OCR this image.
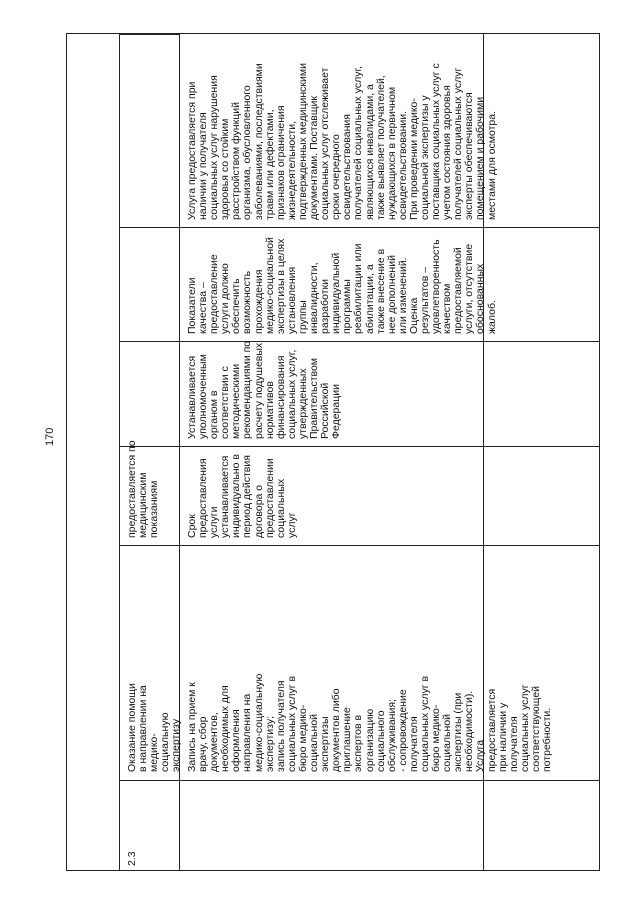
170
2.3
Оказание помощи
в направлении на
медико-
социальную
экспертизу
предоставляется по
медицинским
показаниям
Запись на прием к
врачу, сбор
документов,
необходимых для
оформления
направления на
медико-социальную
экспертизу;
запись получателя
социальных услуг в
бюро медико-
социальной
экспертизы
документов либо
приглашение
экспертов в
организацию
социального
обслуживания;
- сопровождение
получателя
социальных услуг в
бюро медико-
социальной
экспертизы (при
необходимости).
Услуга
предоставляется
при наличии у
получателя
социальных услуг
соответствующей
потребности.
Срок
предоставления
услуги
устанавливается
индивидуально в
период действия
договора о
предоставлении
социальных
услуг
Устанавливается
уполномоченным
органом в
соответствии с
методическими
рекомендациями по
расчету подушевых
нормативов
финансирования
социальных услуг,
утвержденных
Правительством
Российской
Федерации
Показатели
качества –
предоставление
услуги должно
обеспечить
возможность
прохождения
медико-социальной
экспертизы в целях
установления
группы
инвалидности,
разработки
индивидуальной
программы
реабилитации или
абилитации, а
также внесение в
нее дополнений
или изменений.
Оценка
результатов –
удовлетворенность
качеством
предоставляемой
услуги, отсутствие
обоснованных
жалоб.
Услуга предоставляется при
наличии у получателя
социальных услуг нарушения
здоровья со стойким
расстройством функций
организма, обусловленного
заболеваниями, последствиями
травм или дефектами,
признаков ограничения
жизнедеятельности,
подтвержденных медицинскими
документами. Поставщик
социальных услуг отслеживает
сроки очередного
освидетельствования
получателей социальных услуг,
являющихся инвалидами, а
также выявляет получателей,
нуждающихся в первичном
освидетельствовании.
При проведении медико-
социальной экспертизы у
поставщика социальных услуг с
учетом состояния здоровья
получателей социальных услуг
эксперты обеспечиваются
помещением и рабочими
местами для осмотра.
